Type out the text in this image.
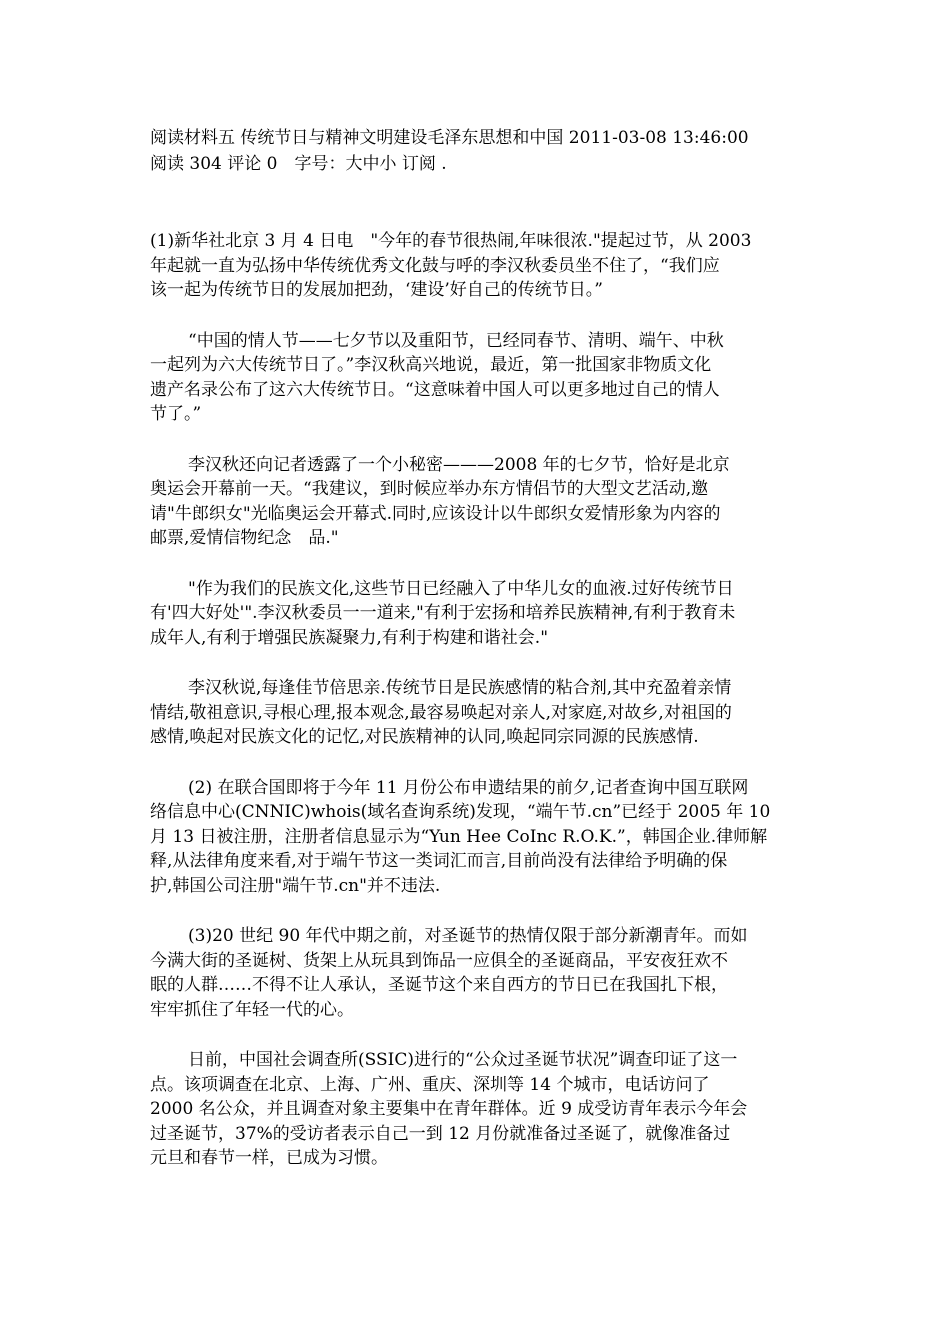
阅读材料五 传统节日与精神文明建设毛泽东思想和中国 2011-03-08 13:46:00
阅读 304 评论 0　字号：大中小 订阅 .

(1)新华社北京 3 月 4 日电　"今年的春节很热闹,年味很浓."提起过节，从 2003
年起就一直为弘扬中华传统优秀文化鼓与呼的李汉秋委员坐不住了，“我们应
该一起为传统节日的发展加把劲，‘建设’好自己的传统节日。”

“中国的情人节——七夕节以及重阳节，已经同春节、清明、端午、中秋
一起列为六大传统节日了。”李汉秋高兴地说，最近，第一批国家非物质文化
遗产名录公布了这六大传统节日。“这意味着中国人可以更多地过自己的情人
节了。”

李汉秋还向记者透露了一个小秘密———2008 年的七夕节，恰好是北京
奥运会开幕前一天。“我建议，到时候应举办东方情侣节的大型文艺活动,邀
请"牛郎织女"光临奥运会开幕式.同时,应该设计以牛郎织女爱情形象为内容的
邮票,爱情信物纪念　品."

"作为我们的民族文化,这些节日已经融入了中华儿女的血液.过好传统节日
有'四大好处'".李汉秋委员一一道来,"有利于宏扬和培养民族精神,有利于教育未
成年人,有利于增强民族凝聚力,有利于构建和谐社会."

李汉秋说,每逢佳节倍思亲.传统节日是民族感情的粘合剂,其中充盈着亲情
情结,敬祖意识,寻根心理,报本观念,最容易唤起对亲人,对家庭,对故乡,对祖国的
感情,唤起对民族文化的记忆,对民族精神的认同,唤起同宗同源的民族感情.

(2) 在联合国即将于今年 11 月份公布申遗结果的前夕,记者查询中国互联网
络信息中心(CNNIC)whois(域名查询系统)发现，“端午节.cn”已经于 2005 年 10
月 13 日被注册，注册者信息显示为“Yun Hee CoInc R.O.K.”，韩国企业.律师解
释,从法律角度来看,对于端午节这一类词汇而言,目前尚没有法律给予明确的保
护,韩国公司注册"端午节.cn"并不违法.

(3)20 世纪 90 年代中期之前，对圣诞节的热情仅限于部分新潮青年。而如
今满大街的圣诞树、货架上从玩具到饰品一应俱全的圣诞商品，平安夜狂欢不
眠的人群……不得不让人承认，圣诞节这个来自西方的节日已在我国扎下根，
牢牢抓住了年轻一代的心。

日前，中国社会调查所(SSIC)进行的“公众过圣诞节状况”调查印证了这一
点。该项调查在北京、上海、广州、重庆、深圳等 14 个城市，电话访问了
2000 名公众，并且调查对象主要集中在青年群体。近 9 成受访青年表示今年会
过圣诞节，37%的受访者表示自己一到 12 月份就准备过圣诞了，就像准备过
元旦和春节一样，已成为习惯。
